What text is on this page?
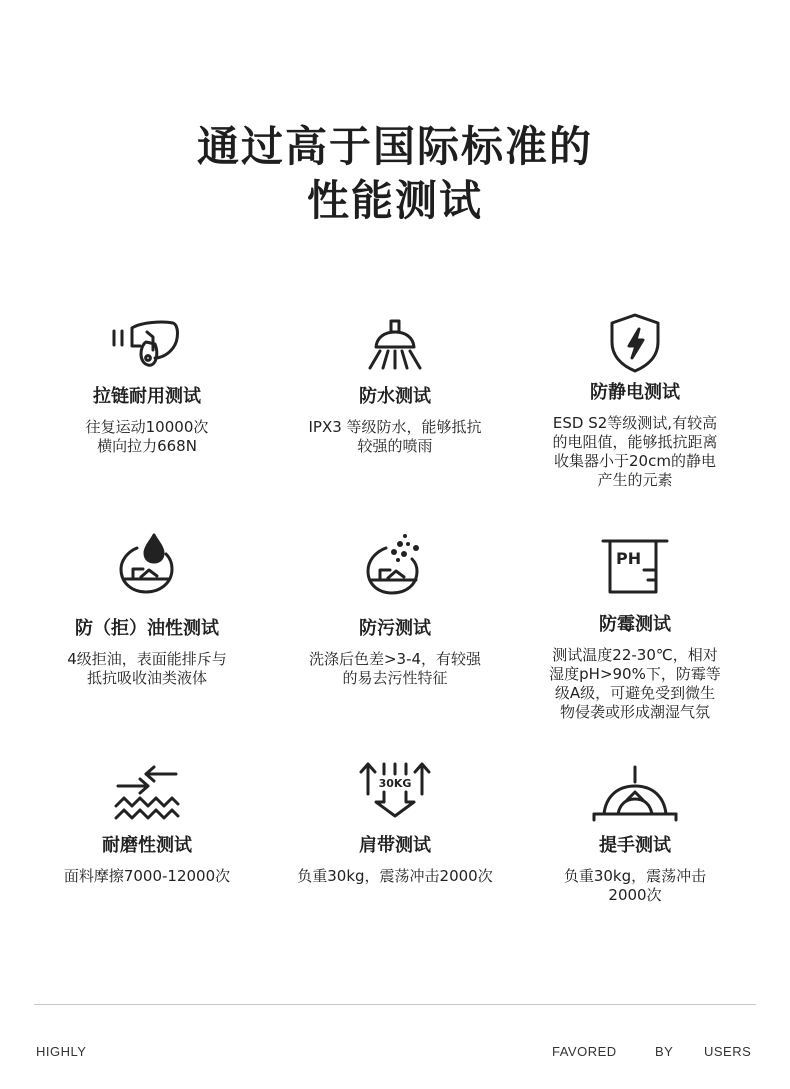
通过高于国际标准的
性能测试
拉链耐用测试
往复运动10000次
横向拉力668N
防水测试
IPX3 等级防水，能够抵抗
较强的喷雨
防静电测试
ESD S2等级测试,有较高
的电阻值，能够抵抗距离
收集器小于20cm的静电
产生的元素
防（拒）油性测试
4级拒油，表面能排斥与
抵抗吸收油类液体
防污测试
洗涤后色差>3-4，有较强
的易去污性特征
PH
防霉测试
测试温度22-30℃，相对
湿度pH>90%下，防霉等
级A级，可避免受到微生
物侵袭或形成潮湿气氛
耐磨性测试
面料摩擦7000-12000次
30KG
肩带测试
负重30kg，震荡冲击2000次
提手测试
负重30kg，震荡冲击
2000次
HIGHLY	FAVORED	BY USERS
